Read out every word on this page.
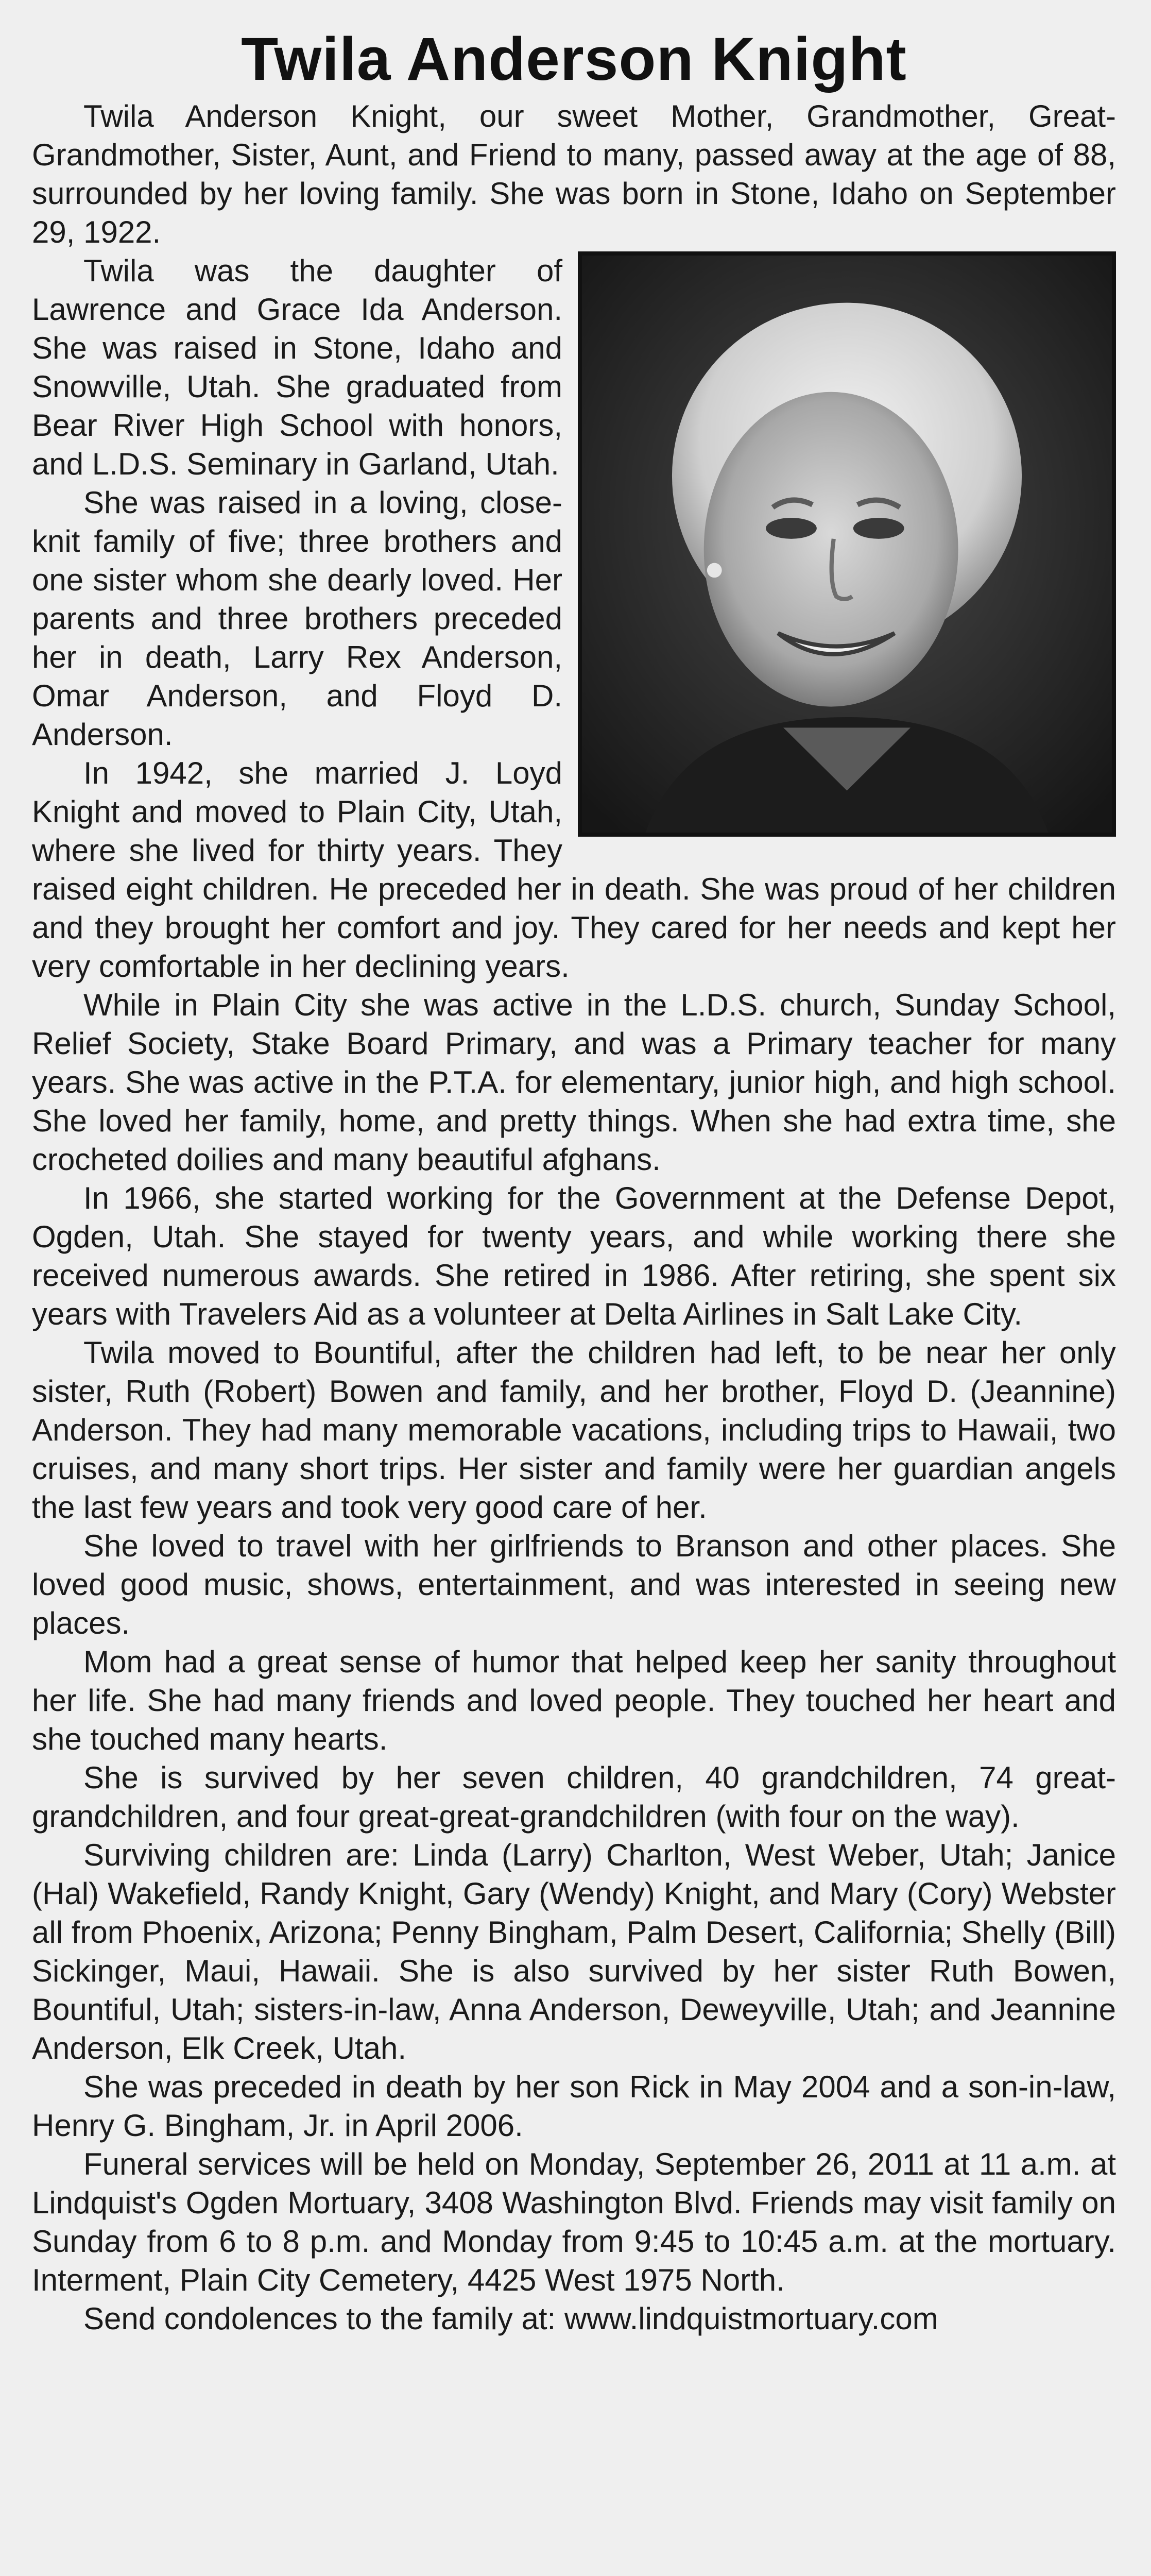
Twila Anderson Knight

Twila Anderson Knight, our sweet Mother, Grandmother, Great-Grandmother, Sister, Aunt, and Friend to many, passed away at the age of 88, surrounded by her loving family. She was born in Stone, Idaho on September 29, 1922.

Twila was the daughter of Lawrence and Grace Ida Anderson. She was raised in Stone, Idaho and Snowville, Utah. She graduated from Bear River High School with honors, and L.D.S. Seminary in Garland, Utah.

She was raised in a loving, close-knit family of five; three brothers and one sister whom she dearly loved. Her parents and three brothers preceded her in death, Larry Rex Anderson, Omar Anderson, and Floyd D. Anderson.

In 1942, she married J. Loyd Knight and moved to Plain City, Utah, where she lived for thirty years. They raised eight children. He preceded her in death. She was proud of her children and they brought her comfort and joy. They cared for her needs and kept her very comfortable in her declining years.

While in Plain City she was active in the L.D.S. church, Sunday School, Relief Society, Stake Board Primary, and was a Primary teacher for many years. She was active in the P.T.A. for elementary, junior high, and high school. She loved her family, home, and pretty things. When she had extra time, she crocheted doilies and many beautiful afghans.

In 1966, she started working for the Government at the Defense Depot, Ogden, Utah. She stayed for twenty years, and while working there she received numerous awards. She retired in 1986. After retiring, she spent six years with Travelers Aid as a volunteer at Delta Airlines in Salt Lake City.

Twila moved to Bountiful, after the children had left, to be near her only sister, Ruth (Robert) Bowen and family, and her brother, Floyd D. (Jeannine) Anderson. They had many memorable vacations, including trips to Hawaii, two cruises, and many short trips. Her sister and family were her guardian angels the last few years and took very good care of her.

She loved to travel with her girlfriends to Branson and other places. She loved good music, shows, entertainment, and was interested in seeing new places.

Mom had a great sense of humor that helped keep her sanity throughout her life. She had many friends and loved people. They touched her heart and she touched many hearts.

She is survived by her seven children, 40 grandchildren, 74 great-grandchildren, and four great-great-grandchildren (with four on the way).

Surviving children are: Linda (Larry) Charlton, West Weber, Utah; Janice (Hal) Wakefield, Randy Knight, Gary (Wendy) Knight, and Mary (Cory) Webster all from Phoenix, Arizona; Penny Bingham, Palm Desert, California; Shelly (Bill) Sickinger, Maui, Hawaii. She is also survived by her sister Ruth Bowen, Bountiful, Utah; sisters-in-law, Anna Anderson, Deweyville, Utah; and Jeannine Anderson, Elk Creek, Utah.

She was preceded in death by her son Rick in May 2004 and a son-in-law, Henry G. Bingham, Jr. in April 2006.

Funeral services will be held on Monday, September 26, 2011 at 11 a.m. at Lindquist's Ogden Mortuary, 3408 Washington Blvd. Friends may visit family on Sunday from 6 to 8 p.m. and Monday from 9:45 to 10:45 a.m. at the mortuary. Interment, Plain City Cemetery, 4425 West 1975 North.

Send condolences to the family at: www.lindquistmortuary.com
